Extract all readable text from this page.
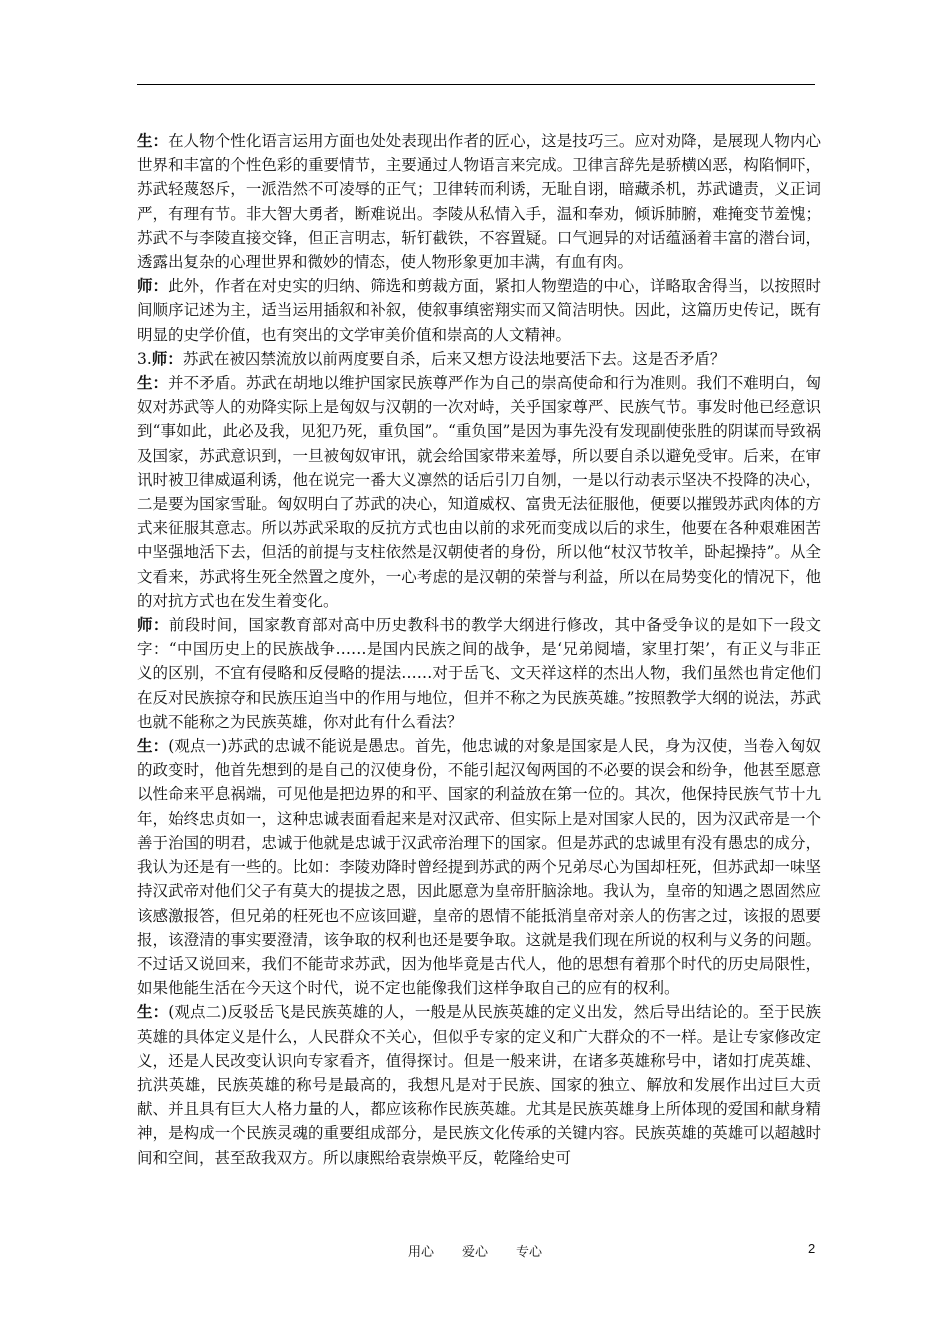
生：在人物个性化语言运用方面也处处表现出作者的匠心，这是技巧三。应对劝降，是展现人物内心世界和丰富的个性色彩的重要情节，主要通过人物语言来完成。卫律言辞先是骄横凶恶，构陷恫吓，苏武轻蔑怒斥，一派浩然不可凌辱的正气；卫律转而利诱，无耻自诩，暗藏杀机，苏武谴责，义正词严，有理有节。非大智大勇者，断难说出。李陵从私情入手，温和奉劝，倾诉肺腑，难掩变节羞愧；苏武不与李陵直接交锋，但正言明志，斩钉截铁，不容置疑。口气迥异的对话蕴涵着丰富的潜台词，透露出复杂的心理世界和微妙的情态，使人物形象更加丰满，有血有肉。

师：此外，作者在对史实的归纳、筛选和剪裁方面，紧扣人物塑造的中心，详略取舍得当，以按照时间顺序记述为主，适当运用插叙和补叙，使叙事缜密翔实而又简洁明快。因此，这篇历史传记，既有明显的史学价值，也有突出的文学审美价值和崇高的人文精神。

3.师：苏武在被囚禁流放以前两度要自杀，后来又想方设法地要活下去。这是否矛盾？

生：并不矛盾。苏武在胡地以维护国家民族尊严作为自己的崇高使命和行为准则。我们不难明白，匈奴对苏武等人的劝降实际上是匈奴与汉朝的一次对峙，关乎国家尊严、民族气节。事发时他已经意识到“事如此，此必及我，见犯乃死，重负国”。“重负国”是因为事先没有发现副使张胜的阴谋而导致祸及国家，苏武意识到，一旦被匈奴审讯，就会给国家带来羞辱，所以要自杀以避免受审。后来，在审讯时被卫律威逼利诱，他在说完一番大义凛然的话后引刀自刎，一是以行动表示坚决不投降的决心，二是要为国家雪耻。匈奴明白了苏武的决心，知道威权、富贵无法征服他，便要以摧毁苏武肉体的方式来征服其意志。所以苏武采取的反抗方式也由以前的求死而变成以后的求生，他要在各种艰难困苦中坚强地活下去，但活的前提与支柱依然是汉朝使者的身份，所以他“杖汉节牧羊，卧起操持”。从全文看来，苏武将生死全然置之度外，一心考虑的是汉朝的荣誉与利益，所以在局势变化的情况下，他的对抗方式也在发生着变化。

师：前段时间，国家教育部对高中历史教科书的教学大纲进行修改，其中备受争议的是如下一段文字：“中国历史上的民族战争……是国内民族之间的战争，是‘兄弟阋墙，家里打架’，有正义与非正义的区别，不宜有侵略和反侵略的提法……对于岳飞、文天祥这样的杰出人物，我们虽然也肯定他们在反对民族掠夺和民族压迫当中的作用与地位，但并不称之为民族英雄。”按照教学大纲的说法，苏武也就不能称之为民族英雄，你对此有什么看法？

生：(观点一)苏武的忠诚不能说是愚忠。首先，他忠诚的对象是国家是人民，身为汉使，当卷入匈奴的政变时，他首先想到的是自己的汉使身份，不能引起汉匈两国的不必要的误会和纷争，他甚至愿意以性命来平息祸端，可见他是把边界的和平、国家的利益放在第一位的。其次，他保持民族气节十九年，始终忠贞如一，这种忠诚表面看起来是对汉武帝、但实际上是对国家人民的，因为汉武帝是一个善于治国的明君，忠诚于他就是忠诚于汉武帝治理下的国家。但是苏武的忠诚里有没有愚忠的成分，我认为还是有一些的。比如：李陵劝降时曾经提到苏武的两个兄弟尽心为国却枉死，但苏武却一味坚持汉武帝对他们父子有莫大的提拔之恩，因此愿意为皇帝肝脑涂地。我认为，皇帝的知遇之恩固然应该感激报答，但兄弟的枉死也不应该回避，皇帝的恩情不能抵消皇帝对亲人的伤害之过，该报的恩要报，该澄清的事实要澄清，该争取的权利也还是要争取。这就是我们现在所说的权利与义务的问题。不过话又说回来，我们不能苛求苏武，因为他毕竟是古代人，他的思想有着那个时代的历史局限性，如果他能生活在今天这个时代，说不定也能像我们这样争取自己的应有的权利。

生：(观点二)反驳岳飞是民族英雄的人，一般是从民族英雄的定义出发，然后导出结论的。至于民族英雄的具体定义是什么，人民群众不关心，但似乎专家的定义和广大群众的不一样。是让专家修改定义，还是人民改变认识向专家看齐，值得探讨。但是一般来讲，在诸多英雄称号中，诸如打虎英雄、抗洪英雄，民族英雄的称号是最高的，我想凡是对于民族、国家的独立、解放和发展作出过巨大贡献、并且具有巨大人格力量的人，都应该称作民族英雄。尤其是民族英雄身上所体现的爱国和献身精神，是构成一个民族灵魂的重要组成部分，是民族文化传承的关键内容。民族英雄的英雄可以超越时间和空间，甚至敌我双方。所以康熙给袁崇焕平反，乾隆给史可

用心 爱心 专心	2
